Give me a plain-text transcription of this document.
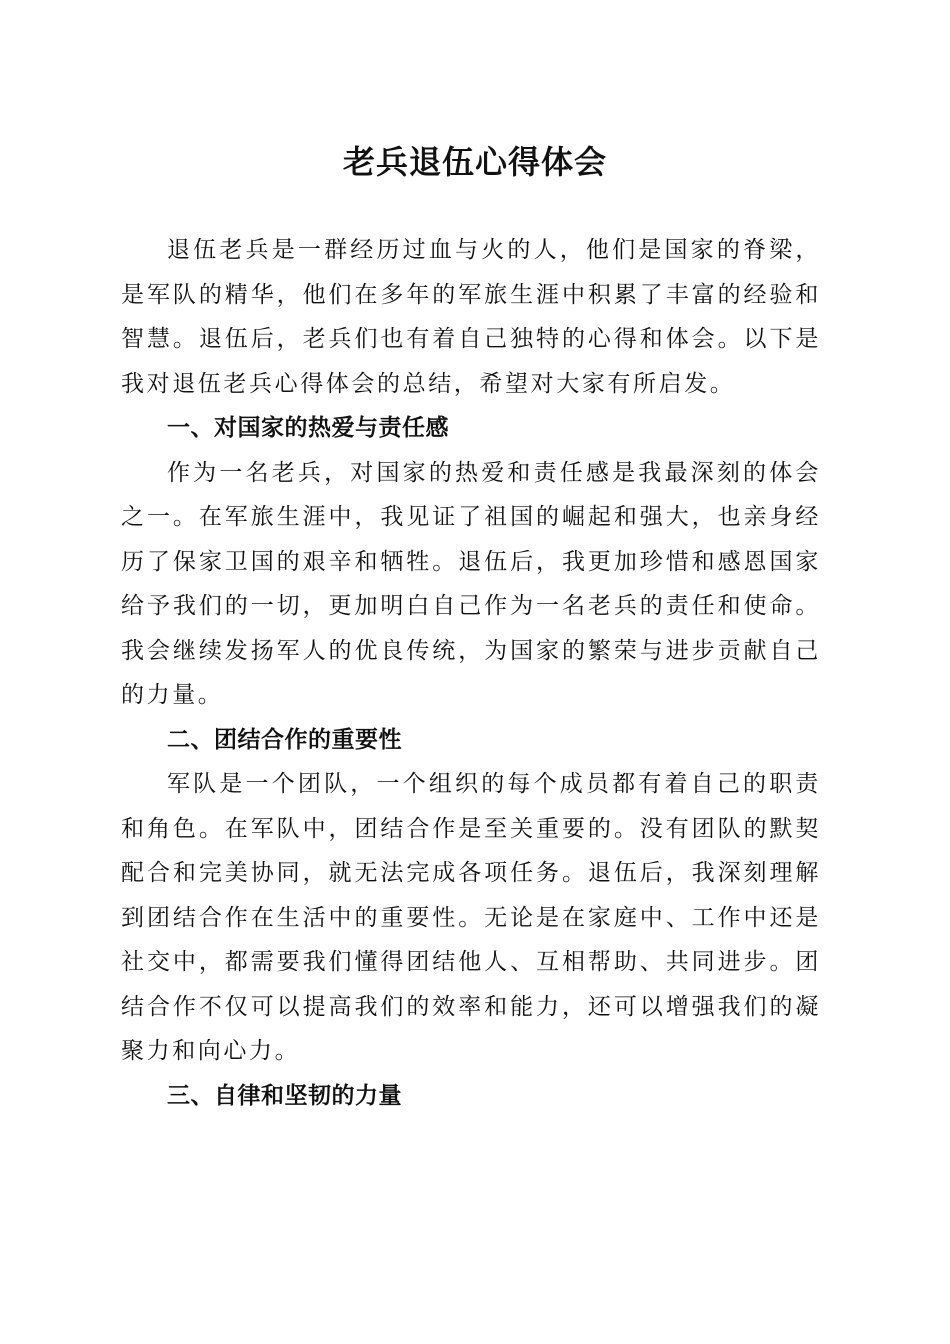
老兵退伍心得体会

退伍老兵是一群经历过血与火的人，他们是国家的脊梁，是军队的精华，他们在多年的军旅生涯中积累了丰富的经验和智慧。退伍后，老兵们也有着自己独特的心得和体会。以下是我对退伍老兵心得体会的总结，希望对大家有所启发。

一、对国家的热爱与责任感

作为一名老兵，对国家的热爱和责任感是我最深刻的体会之一。在军旅生涯中，我见证了祖国的崛起和强大，也亲身经历了保家卫国的艰辛和牺牲。退伍后，我更加珍惜和感恩国家给予我们的一切，更加明白自己作为一名老兵的责任和使命。我会继续发扬军人的优良传统，为国家的繁荣与进步贡献自己的力量。

二、团结合作的重要性

军队是一个团队，一个组织的每个成员都有着自己的职责和角色。在军队中，团结合作是至关重要的。没有团队的默契配合和完美协同，就无法完成各项任务。退伍后，我深刻理解到团结合作在生活中的重要性。无论是在家庭中、工作中还是社交中，都需要我们懂得团结他人、互相帮助、共同进步。团结合作不仅可以提高我们的效率和能力，还可以增强我们的凝聚力和向心力。

三、自律和坚韧的力量
